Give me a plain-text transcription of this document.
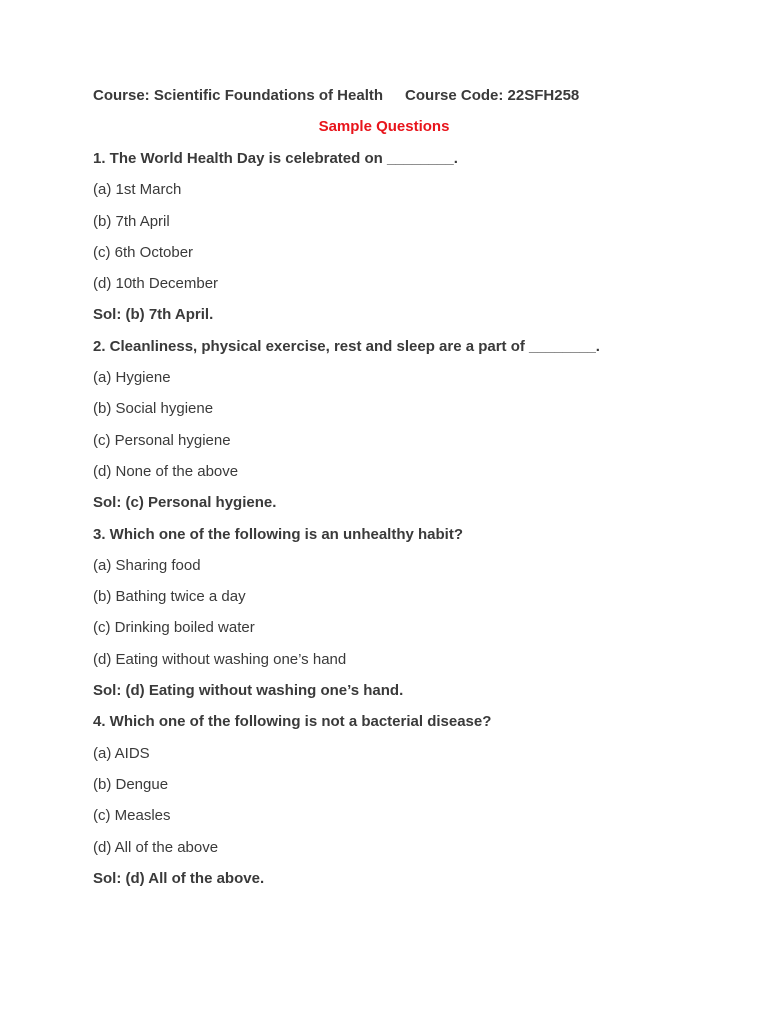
Course: Scientific Foundations of Health Course Code: 22SFH258
Sample Questions
1. The World Health Day is celebrated on ________.
(a) 1st March
(b) 7th April
(c) 6th October
(d) 10th December
Sol: (b) 7th April.
2. Cleanliness, physical exercise, rest and sleep are a part of ________.
(a) Hygiene
(b) Social hygiene
(c) Personal hygiene
(d) None of the above
Sol: (c) Personal hygiene.
3. Which one of the following is an unhealthy habit?
(a) Sharing food
(b) Bathing twice a day
(c) Drinking boiled water
(d) Eating without washing one’s hand
Sol: (d) Eating without washing one’s hand.
4. Which one of the following is not a bacterial disease?
(a) AIDS
(b) Dengue
(c) Measles
(d) All of the above
Sol: (d) All of the above.
